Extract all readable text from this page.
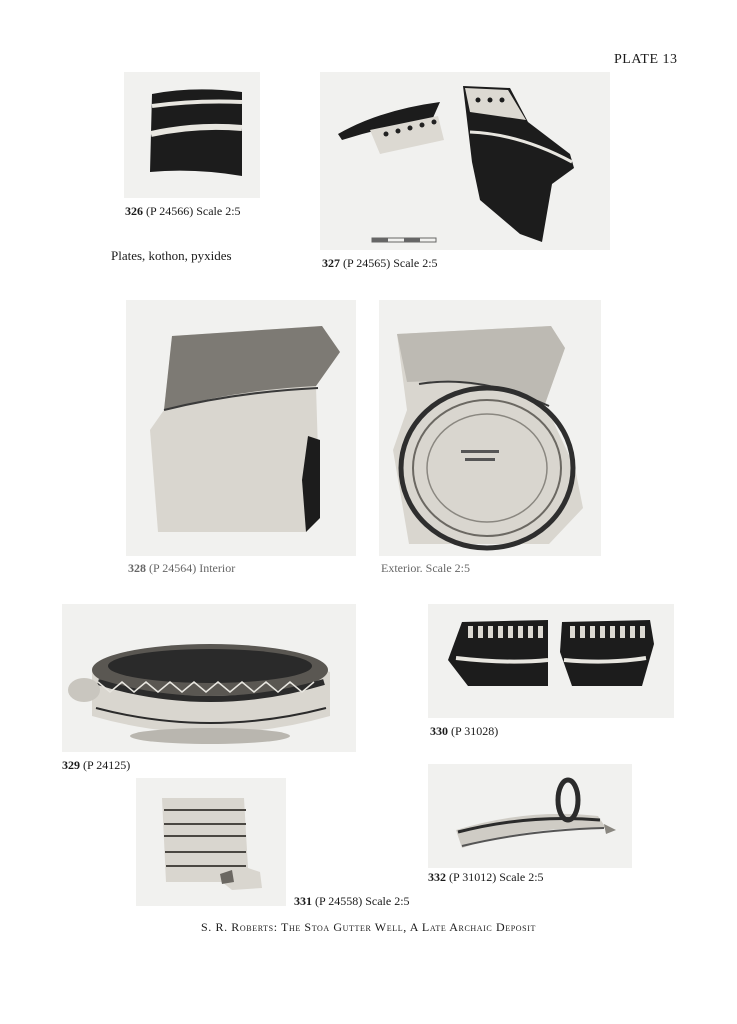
PLATE 13
326 (P 24566) Scale 2:5
Plates, kothon, pyxides	327 (P 24565) Scale 2:5
328 (P 24564) Interior	Exterior. Scale 2:5
329 (P 24125)
330 (P 31028)
331 (P 24558) Scale 2:5
332 (P 31012) Scale 2:5
S. R. Roberts: The Stoa Gutter Well, A Late Archaic Deposit
